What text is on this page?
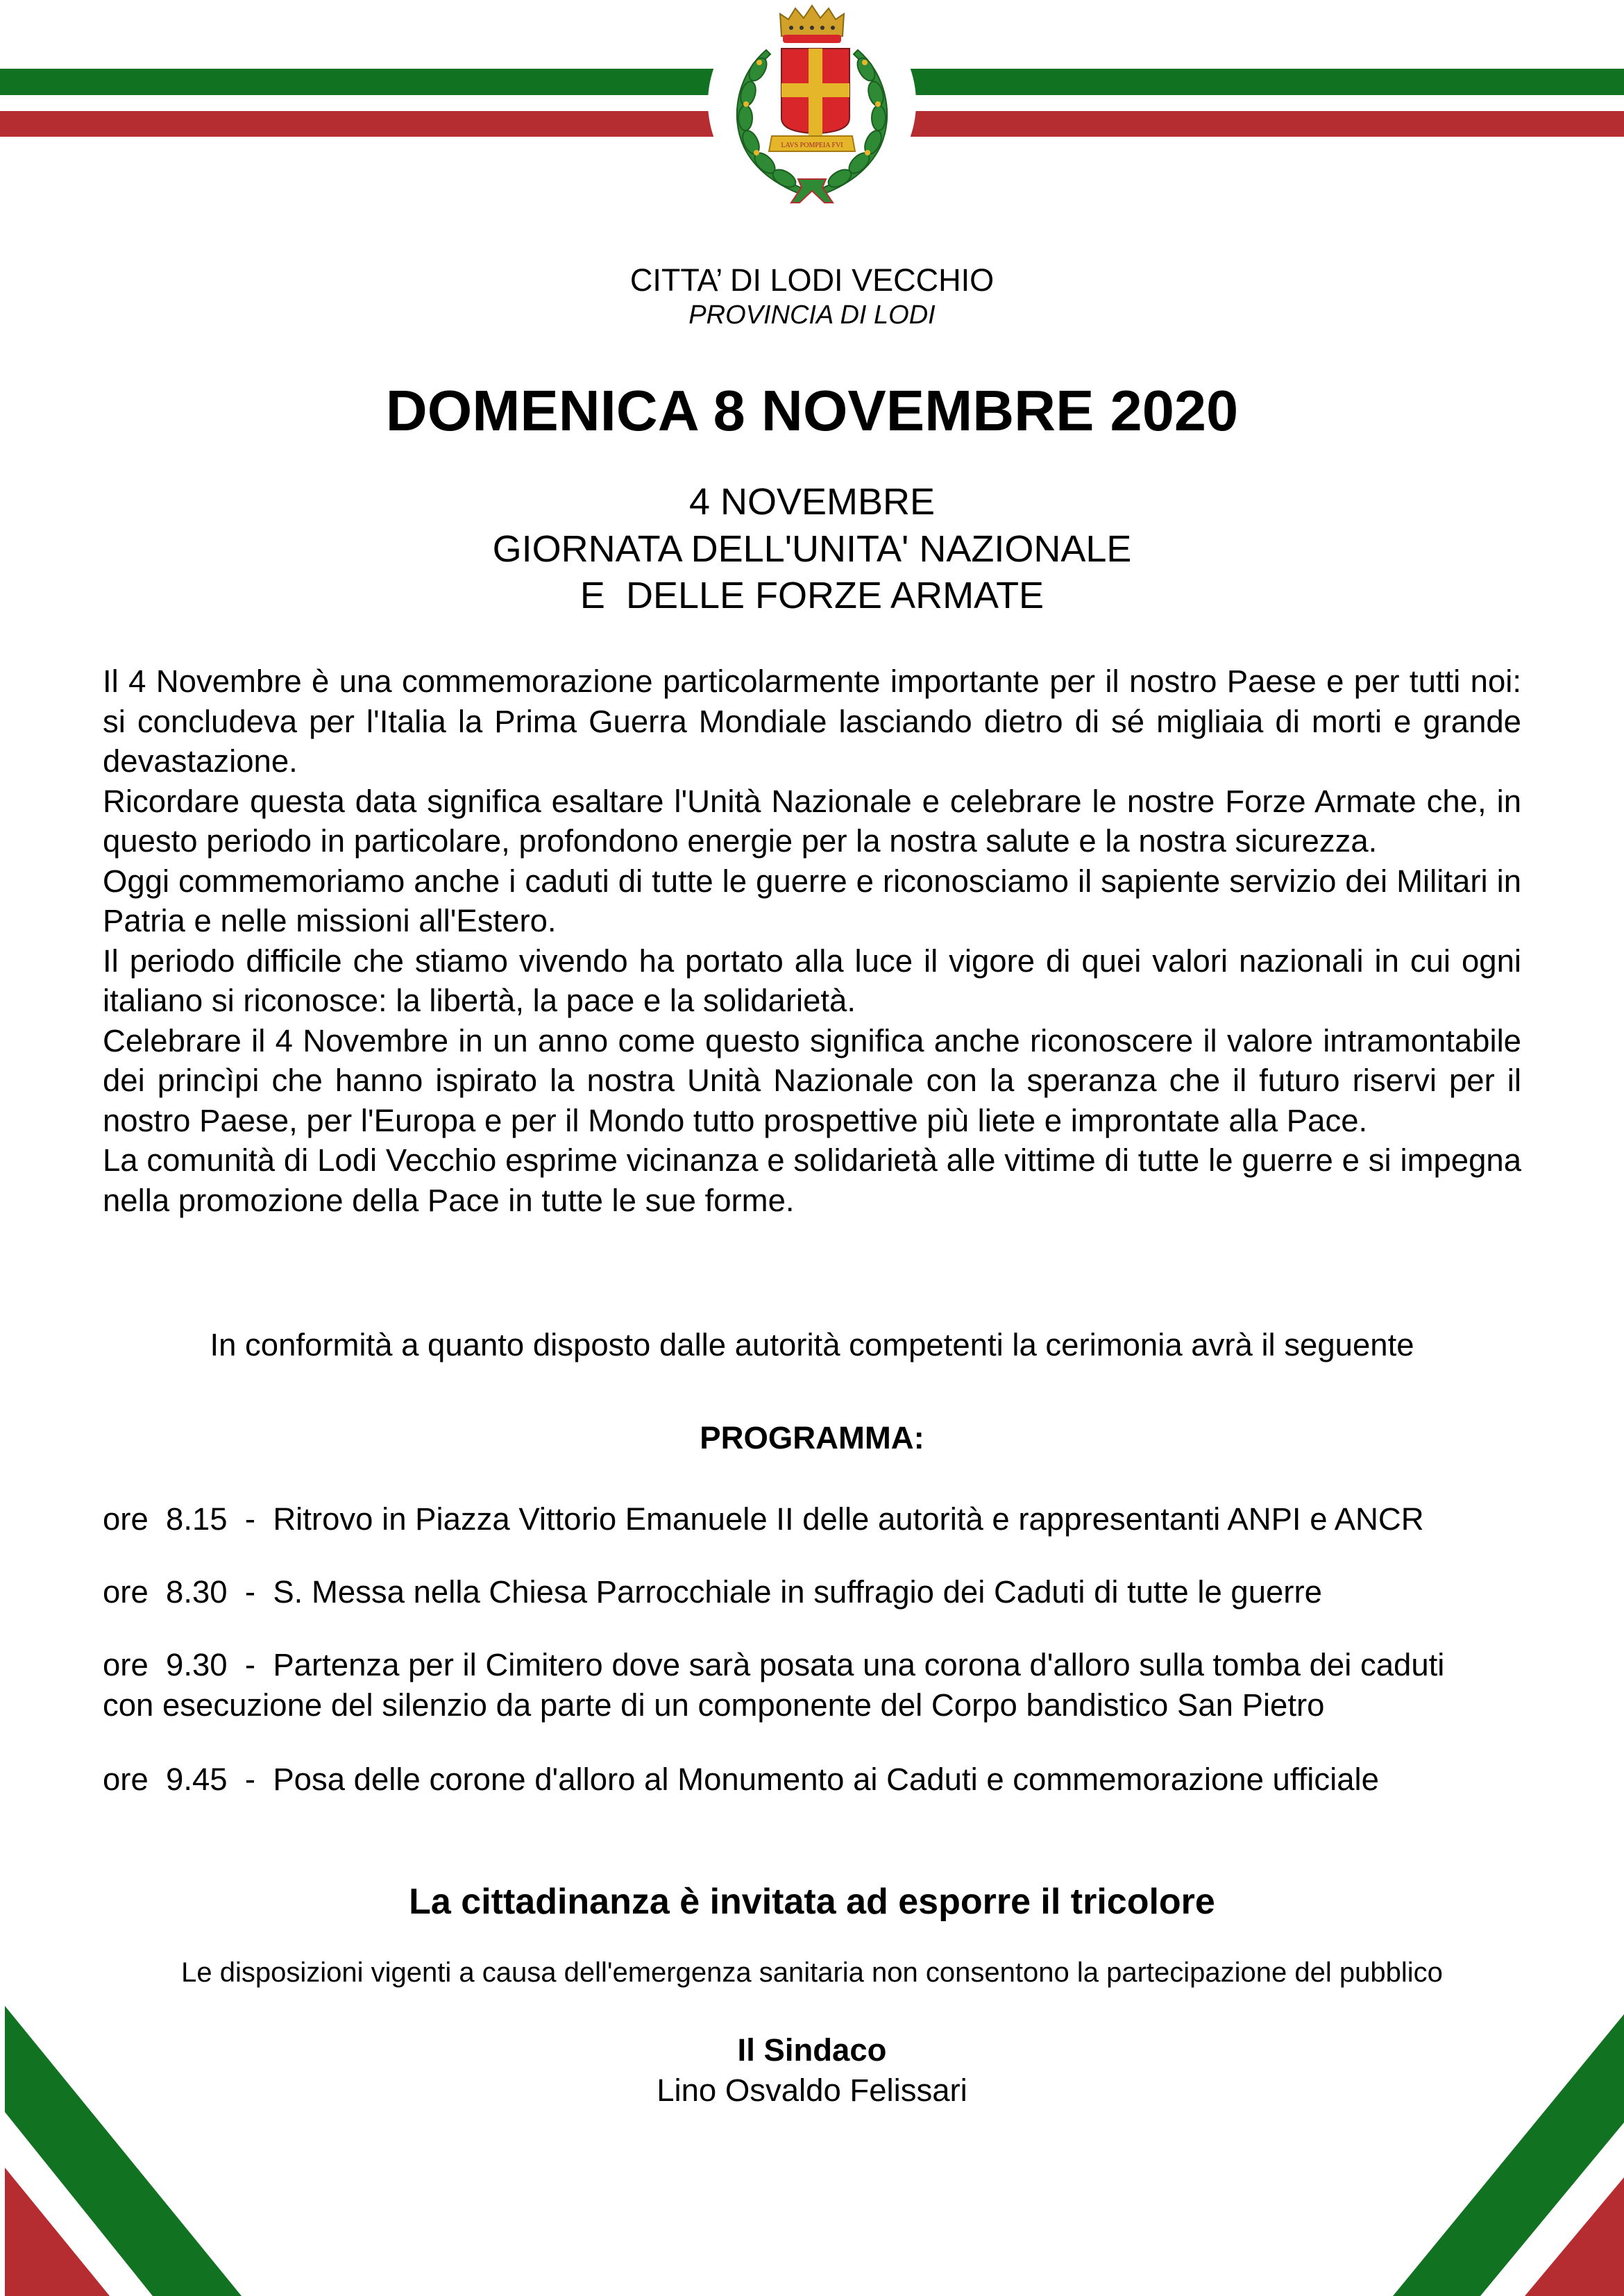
LAVS POMPEIA FVI
CITTA’ DI LODI VECCHIO
PROVINCIA DI LODI
DOMENICA 8 NOVEMBRE 2020
4 NOVEMBRE
GIORNATA DELL'UNITA' NAZIONALE
E  DELLE FORZE ARMATE

Il 4 Novembre è una commemorazione particolarmente importante per il nostro Paese e per tutti noi: si concludeva per l'Italia la Prima Guerra Mondiale lasciando dietro di sé migliaia di morti e grande devastazione.

Ricordare questa data significa esaltare l'Unità Nazionale e celebrare le nostre Forze Armate che, in questo periodo in particolare, profondono energie per la nostra salute e la nostra sicurezza.

Oggi commemoriamo anche i caduti di tutte le guerre e riconosciamo il sapiente servizio dei Militari in Patria e nelle missioni all'Estero.

Il periodo difficile che stiamo vivendo ha portato alla luce il vigore di quei valori nazionali in cui ogni italiano si riconosce: la libertà, la pace e la solidarietà.

Celebrare il 4 Novembre in un anno come questo significa anche riconoscere il valore intramontabile dei princìpi che hanno ispirato la nostra Unità Nazionale con la speranza che il futuro riservi per il nostro Paese, per l'Europa e per il Mondo tutto prospettive più liete e improntate alla Pace.

La comunità di Lodi Vecchio esprime vicinanza e solidarietà alle vittime di tutte le guerre e si impegna nella promozione della Pace in tutte le sue forme.

In conformità a quanto disposto dalle autorità competenti la cerimonia avrà il seguente
PROGRAMMA:
ore  8.15  -  Ritrovo in Piazza Vittorio Emanuele II delle autorità e rappresentanti ANPI e ANCR
ore  8.30  -  S. Messa nella Chiesa Parrocchiale in suffragio dei Caduti di tutte le guerre
ore  9.30  -  Partenza per il Cimitero dove sarà posata una corona d'alloro sulla tomba dei caduti
con esecuzione del silenzio da parte di un componente del Corpo bandistico San Pietro
ore  9.45  -  Posa delle corone d'alloro al Monumento ai Caduti e commemorazione ufficiale
La cittadinanza è invitata ad esporre il tricolore
Le disposizioni vigenti a causa dell'emergenza sanitaria non consentono la partecipazione del pubblico
Il Sindaco
Lino Osvaldo Felissari
